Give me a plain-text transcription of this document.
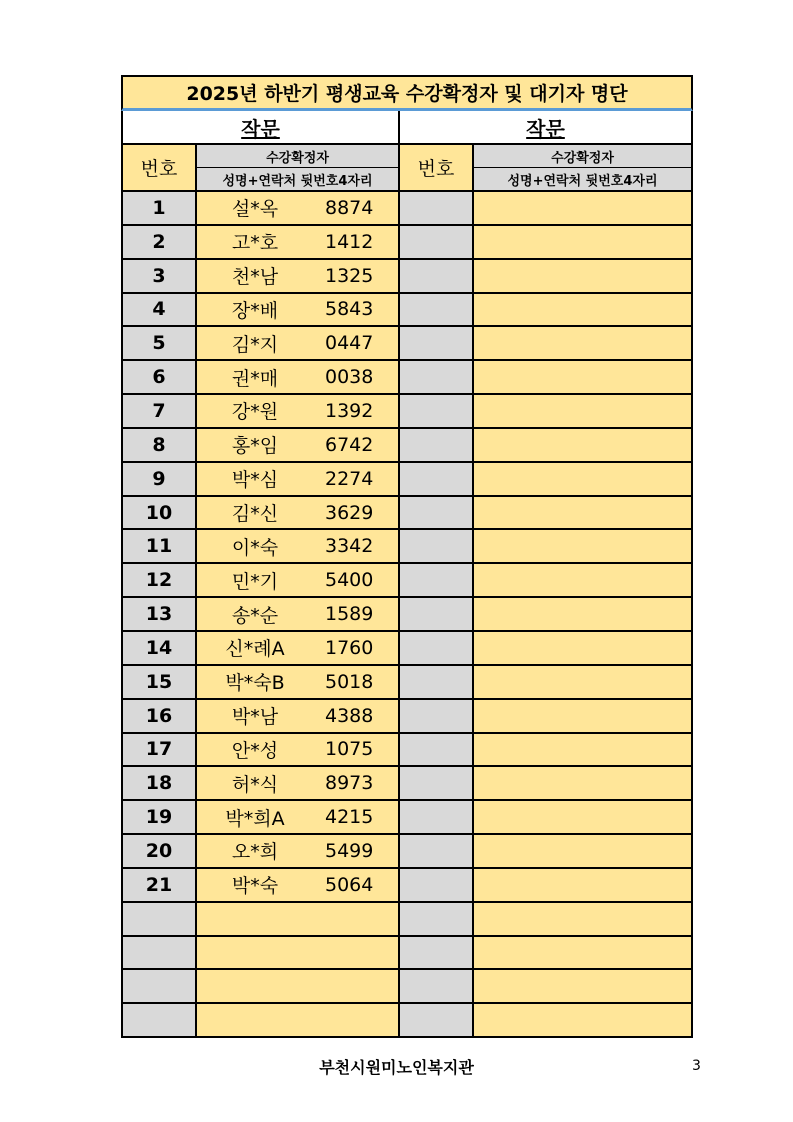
2025년 하반기 평생교육 수강확정자 및 대기자 명단
작문
번호	수강확정자
성명+연락처 뒷번호4자리
1	설*옥	8874
2	고*호	1412
3	천*남	1325
4	장*배	5843
5	김*지	0447
6	권*매	0038
7	강*원	1392
8	홍*임	6742
9	박*심	2274
10	김*신	3629
11	이*숙	3342
12	민*기	5400
13	송*순	1589
14	신*례A	1760
15	박*숙B	5018
16	박*남	4388
17	안*성	1075
18	허*식	8973
19	박*희A	4215
20	오*희	5499
21	박*숙	5064
작문
번호	수강확정자
성명+연락처 뒷번호4자리
부천시원미노인복지관	3
